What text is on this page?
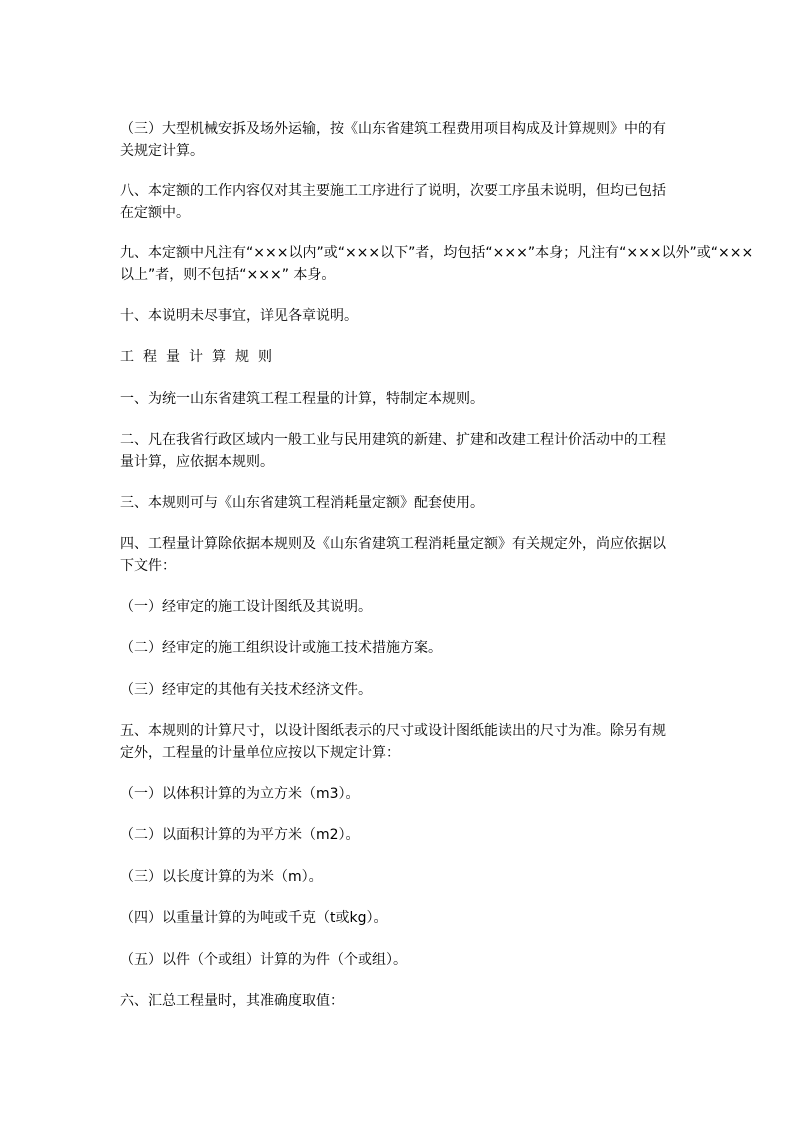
（三）大型机械安拆及场外运输，按《山东省建筑工程费用项目构成及计算规则》中的有
关规定计算。

八、本定额的工作内容仅对其主要施工工序进行了说明，次要工序虽未说明，但均已包括
在定额中。

九、本定额中凡注有“×××以内”或“×××以下”者，均包括“×××”本身；凡注有“×××以外”或“×××
以上”者，则不包括“×××” 本身。

十、本说明未尽事宜，详见各章说明。

工程量计算规则

一、为统一山东省建筑工程工程量的计算，特制定本规则。

二、凡在我省行政区域内一般工业与民用建筑的新建、扩建和改建工程计价活动中的工程
量计算，应依据本规则。

三、本规则可与《山东省建筑工程消耗量定额》配套使用。

四、工程量计算除依据本规则及《山东省建筑工程消耗量定额》有关规定外，尚应依据以
下文件：

（一）经审定的施工设计图纸及其说明。

（二）经审定的施工组织设计或施工技术措施方案。

（三）经审定的其他有关技术经济文件。

五、本规则的计算尺寸，以设计图纸表示的尺寸或设计图纸能读出的尺寸为准。除另有规
定外，工程量的计量单位应按以下规定计算：

（一）以体积计算的为立方米（m3）。

（二）以面积计算的为平方米（m2）。

（三）以长度计算的为米（m）。

（四）以重量计算的为吨或千克（t或kg）。

（五）以件（个或组）计算的为件（个或组）。

六、汇总工程量时，其准确度取值：
